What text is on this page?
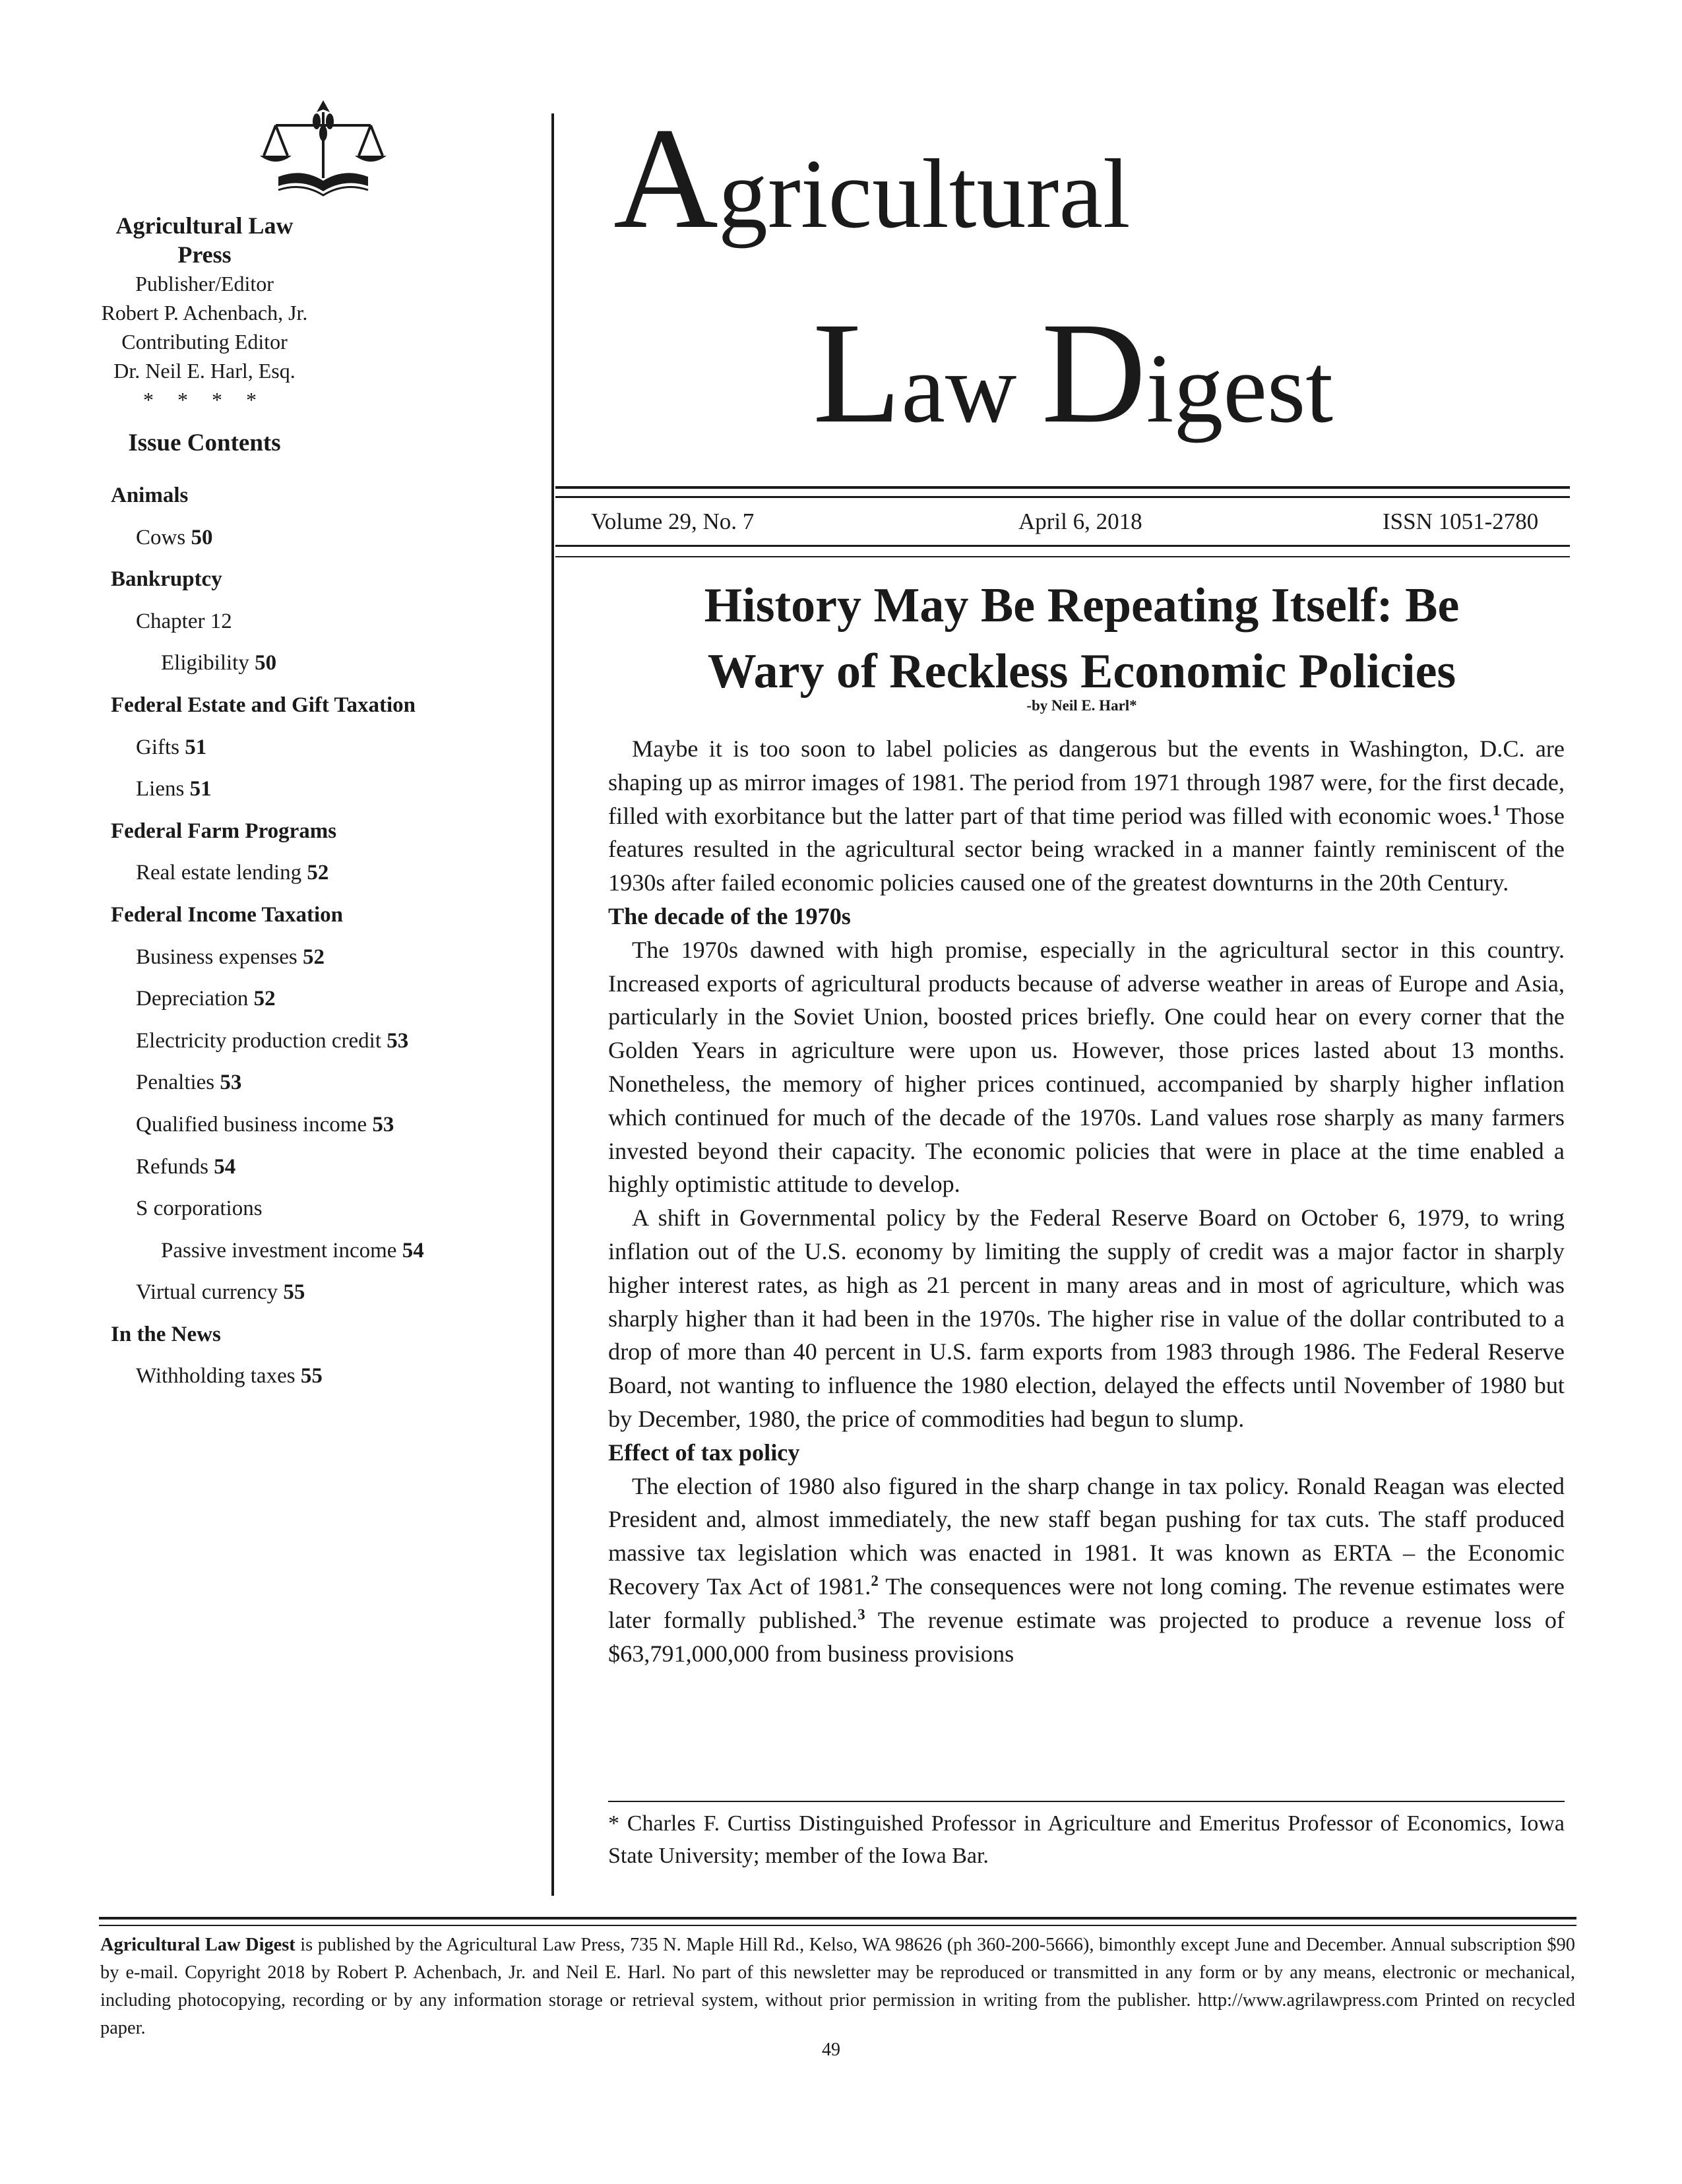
Agricultural Law Press
Publisher/Editor
Robert P. Achenbach, Jr.
Contributing Editor
Dr. Neil E. Harl, Esq.
* * * *
Issue Contents
Animals
Cows 50
Bankruptcy
Chapter 12
Eligibility 50
Federal Estate and Gift Taxation
Gifts 51
Liens 51
Federal Farm Programs
Real estate lending 52
Federal Income Taxation
Business expenses 52
Depreciation 52
Electricity production credit 53
Penalties 53
Qualified business income 53
Refunds 54
S corporations
Passive investment income 54
Virtual currency 55
In the News
Withholding taxes 55
Agricultural
Law Digest
Volume 29, No. 7	April 6, 2018	ISSN 1051-2780
History May Be Repeating Itself: Be
Wary of Reckless Economic Policies
-by Neil E. Harl*

Maybe it is too soon to label policies as dangerous but the events in Washington, D.C. are shaping up as mirror images of 1981. The period from 1971 through 1987 were, for the first decade, filled with exorbitance but the latter part of that time period was filled with economic woes.$^1$ Those features resulted in the agricultural sector being wracked in a manner faintly reminiscent of the 1930s after failed economic policies caused one of the greatest downturns in the 20th Century.

The decade of the 1970s

The 1970s dawned with high promise, especially in the agricultural sector in this country. Increased exports of agricultural products because of adverse weather in areas of Europe and Asia, particularly in the Soviet Union, boosted prices briefly. One could hear on every corner that the Golden Years in agriculture were upon us. However, those prices lasted about 13 months. Nonetheless, the memory of higher prices continued, accompanied by sharply higher inflation which continued for much of the decade of the 1970s. Land values rose sharply as many farmers invested beyond their capacity. The economic policies that were in place at the time enabled a highly optimistic attitude to develop.

A shift in Governmental policy by the Federal Reserve Board on October 6, 1979, to wring inflation out of the U.S. economy by limiting the supply of credit was a major factor in sharply higher interest rates, as high as 21 percent in many areas and in most of agriculture, which was sharply higher than it had been in the 1970s. The higher rise in value of the dollar contributed to a drop of more than 40 percent in U.S. farm exports from 1983 through 1986. The Federal Reserve Board, not wanting to influence the 1980 election, delayed the effects until November of 1980 but by December, 1980, the price of commodities had begun to slump.

Effect of tax policy

The election of 1980 also figured in the sharp change in tax policy. Ronald Reagan was elected President and, almost immediately, the new staff began pushing for tax cuts. The staff produced massive tax legislation which was enacted in 1981. It was known as ERTA – the Economic Recovery Tax Act of 1981.$^2$ The consequences were not long coming. The revenue estimates were later formally published.$^3$ The revenue estimate was projected to produce a revenue loss of $63,791,000,000 from business provisions

* Charles F. Curtiss Distinguished Professor in Agriculture and Emeritus Professor of Economics, Iowa State University; member of the Iowa Bar.
Agricultural Law Digest is published by the Agricultural Law Press, 735 N. Maple Hill Rd., Kelso, WA 98626 (ph 360-200-5666), bimonthly except June and December. Annual subscription $90 by e-mail. Copyright 2018 by Robert P. Achenbach, Jr. and Neil E. Harl. No part of this newsletter may be reproduced or transmitted in any form or by any means, electronic or mechanical, including photocopying, recording or by any information storage or retrieval system, without prior permission in writing from the publisher. http://www.agrilawpress.com Printed on recycled paper.
49
